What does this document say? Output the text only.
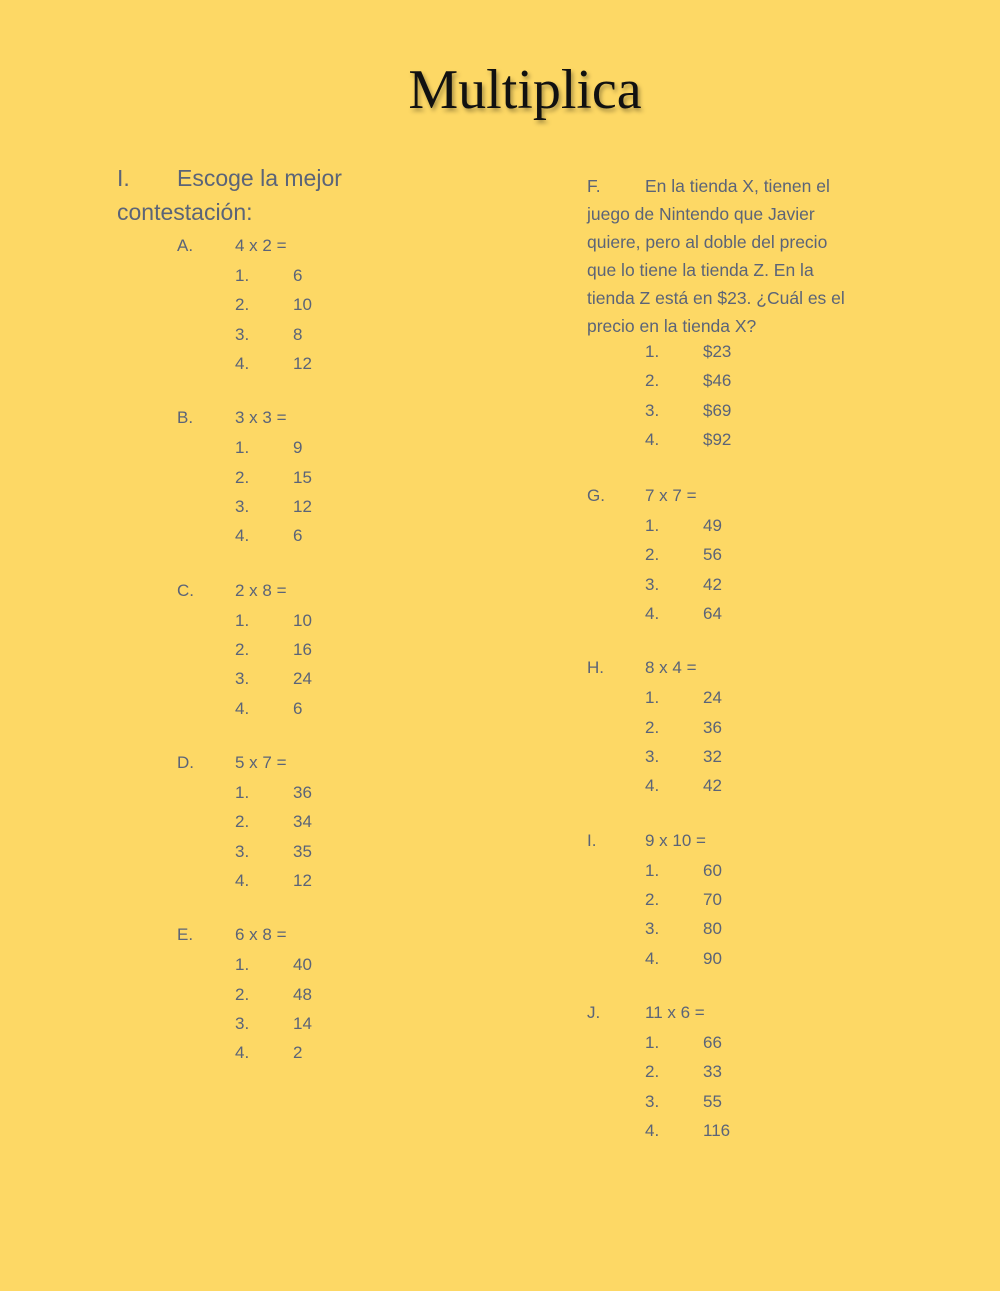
Multiplica
I. Escoge la mejor
contestación:
F.	En la tienda X, tienen el
juego de Nintendo que Javier
quiere, pero al doble del precio
que lo tiene la tienda Z. En la
tienda Z está en $23. ¿Cuál es el
precio en la tienda X?
A. 4 x 2 =
1.	6
2.	10
3.	8
4.	12
B. 3 x 3 =
1.	9
2.	15
3.	12
4.	6
C. 2 x 8 =
1.	10
2.	16
3.	24
4.	6
D. 5 x 7 =
1.	36
2.	34
3.	35
4.	12
E. 6 x 8 =
1.	40
2.	48
3.	14
4.	2
G. 7 x 7 =
1.	49
2.	56
3.	42
4.	64
H. 8 x 4 =
1.	24
2.	36
3.	32
4.	42
I.	9 x 10 =
1.	60
2.	70
3.	80
4.	90
J.	11 x 6 =
1.	66
2.	33
3.	55
4.	116
1.	$23
2.	$46
3.	$69
4.	$92
